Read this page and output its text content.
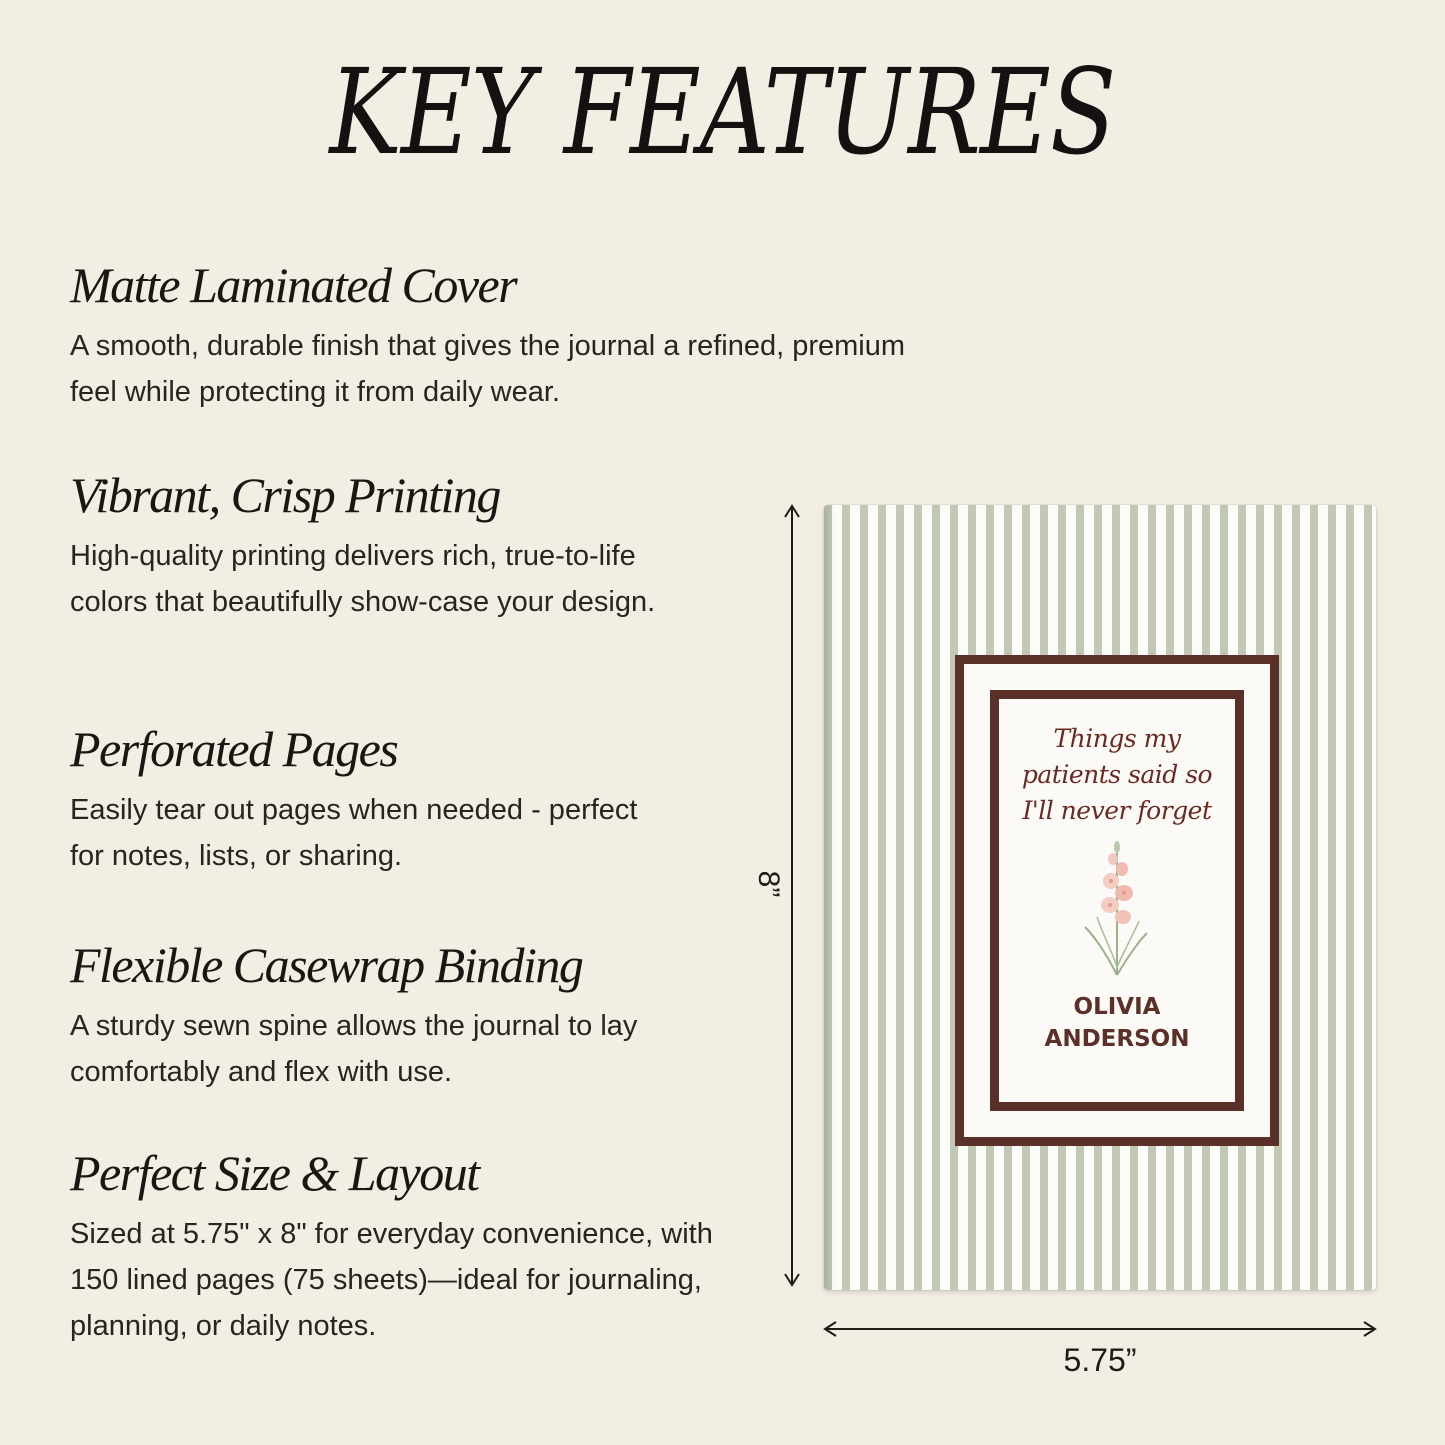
KEY FEATURES
Matte Laminated Cover

A smooth, durable finish that gives the journal a refined, premium feel while protecting it from daily wear.

Vibrant, Crisp Printing

High-quality printing delivers rich, true-to-life colors that beautifully show-case your design.

Perforated Pages

Easily tear out pages when needed - perfect for notes, lists, or sharing.

Flexible Casewrap Binding

A sturdy sewn spine allows the journal to lay comfortably and flex with use.

Perfect Size & Layout

Sized at 5.75" x 8" for everyday convenience, with 150 lined pages (75 sheets)—ideal for journaling, planning, or daily notes.

8”
Things my
patients said so
I'll never forget
OLIVIA
ANDERSON
5.75”
